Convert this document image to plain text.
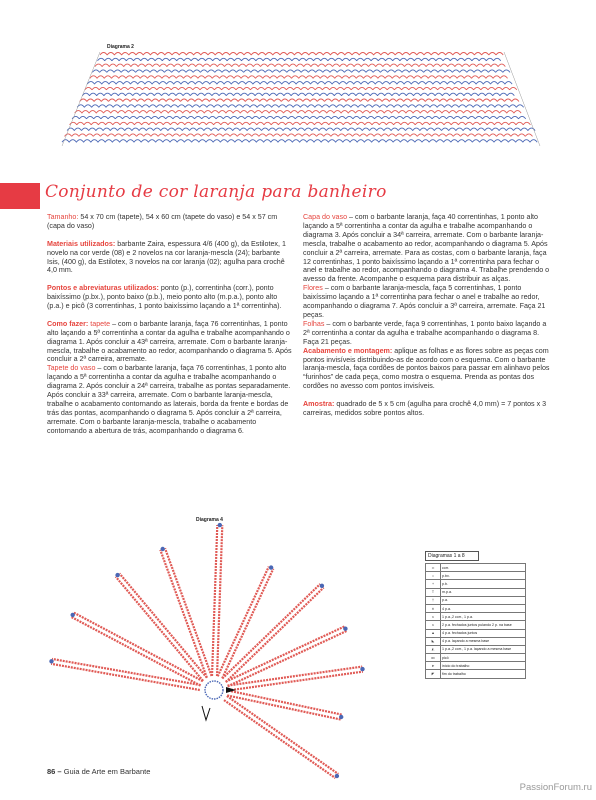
Diagrama 2
Conjunto de cor laranja para banheiro

Tamanho: 54 x 70 cm (tapete), 54 x 60 cm (tapete do vaso) e 54 x 57 cm (capa do vaso)

Materiais utilizados: barbante Zaira, espessura 4/6 (400 g), da Estilotex, 1 novelo na cor verde (08) e 2 novelos na cor laranja-mescla (24); barbante Isis, (400 g), da Estilotex, 3 novelos na cor laranja (02); agulha para crochê 4,0 mm.

Pontos e abreviaturas utilizados: ponto (p.), correntinha (corr.), ponto baixíssimo (p.bx.), ponto baixo (p.b.), meio ponto alto (m.p.a.), ponto alto (p.a.) e picô (3 correntinhas, 1 ponto baixíssimo laçando a 1ª correntinha).

Como fazer: tapete – com o barbante laranja, faça 76 correntinhas, 1 ponto alto laçando a 5ª correntinha a contar da agulha e trabalhe acompanhando o diagrama 1. Após concluir a 43ª carreira, arremate. Com o barbante laranja-mescla, trabalhe o acabamento ao redor, acompanhando o diagrama 5. Após concluir a 2ª carreira, arremate.
Tapete do vaso – com o barbante laranja, faça 76 correntinhas, 1 ponto alto laçando a 5ª correntinha a contar da agulha e trabalhe acompanhando o diagrama 2. Após concluir a 24ª carreira, trabalhe as pontas separadamente. Após concluir a 33ª carreira, arremate. Com o barbante laranja-mescla, trabalhe o acabamento contornando as laterais, borda da frente e bordas de trás das pontas, acompanhando o diagrama 5. Após concluir a 2ª carreira, arremate. Com o barbante laranja-mescla, trabalhe o acabamento contornando a abertura de trás, acompanhando o diagrama 6.
Capa do vaso – com o barbante laranja, faça 40 correntinhas, 1 ponto alto laçando a 5ª correntinha a contar da agulha e trabalhe acompanhando o diagrama 3. Após concluir a 34ª carreira, arremate. Com o barbante laranja-mescla, trabalhe o acabamento ao redor, acompanhando o diagrama 5. Após concluir a 2ª carreira, arremate. Para as costas, com o barbante laranja, faça 12 correntinhas, 1 ponto baixíssimo laçando a 1ª correntinha para fechar o anel e trabalhe ao redor, acompanhando o diagrama 4. Trabalhe prendendo o avesso da frente. Acompanhe o esquema para distribuir as alças.
Flores – com o barbante laranja-mescla, faça 5 correntinhas, 1 ponto baixíssimo laçando a 1ª correntinha para fechar o anel e trabalhe ao redor, acompanhando o diagrama 7. Após concluir a 3ª carreira, arremate. Faça 21 peças.
Folhas – com o barbante verde, faça 9 correntinhas, 1 ponto baixo laçando a 2ª correntinha a contar da agulha e trabalhe acompanhando o diagrama 8. Faça 21 peças.

Acabamento e montagem: aplique as folhas e as flores sobre as peças com pontos invisíveis distribuindo-as de acordo com o esquema. Com o barbante laranja-mescla, faça cordões de pontos baixos para passar em alinhavo pelos “furinhos” de cada peça, como mostra o esquema. Prenda as pontas dos cordões no avesso com pontos invisíveis.

Amostra: quadrado de 5 x 5 cm (agulha para crochê 4,0 mm) = 7 pontos x 3 carreiras, medidos sobre pontos altos.

Diagrama 4
Diagramas 1 a 8
∞	corr.
•	p.bx.
+	p.b.
T	m.p.a.
†	p.a.
✕	4 p.a.
∧	1 p.a.,2 corr., 1 p.a.
∧	2 p.a. fechados juntos pulando 2 p. na base
▲	4 p.a. fechados juntos
◣	4 p.a. laçando a mesma base
◭	1 p.a.,2 corr., 1 p.a. laçando a mesma base
ꝏ	picô
➤	início do trabalho
◤	fim do trabalho
86 – Guia de Arte em Barbante
PassionForum.ru
